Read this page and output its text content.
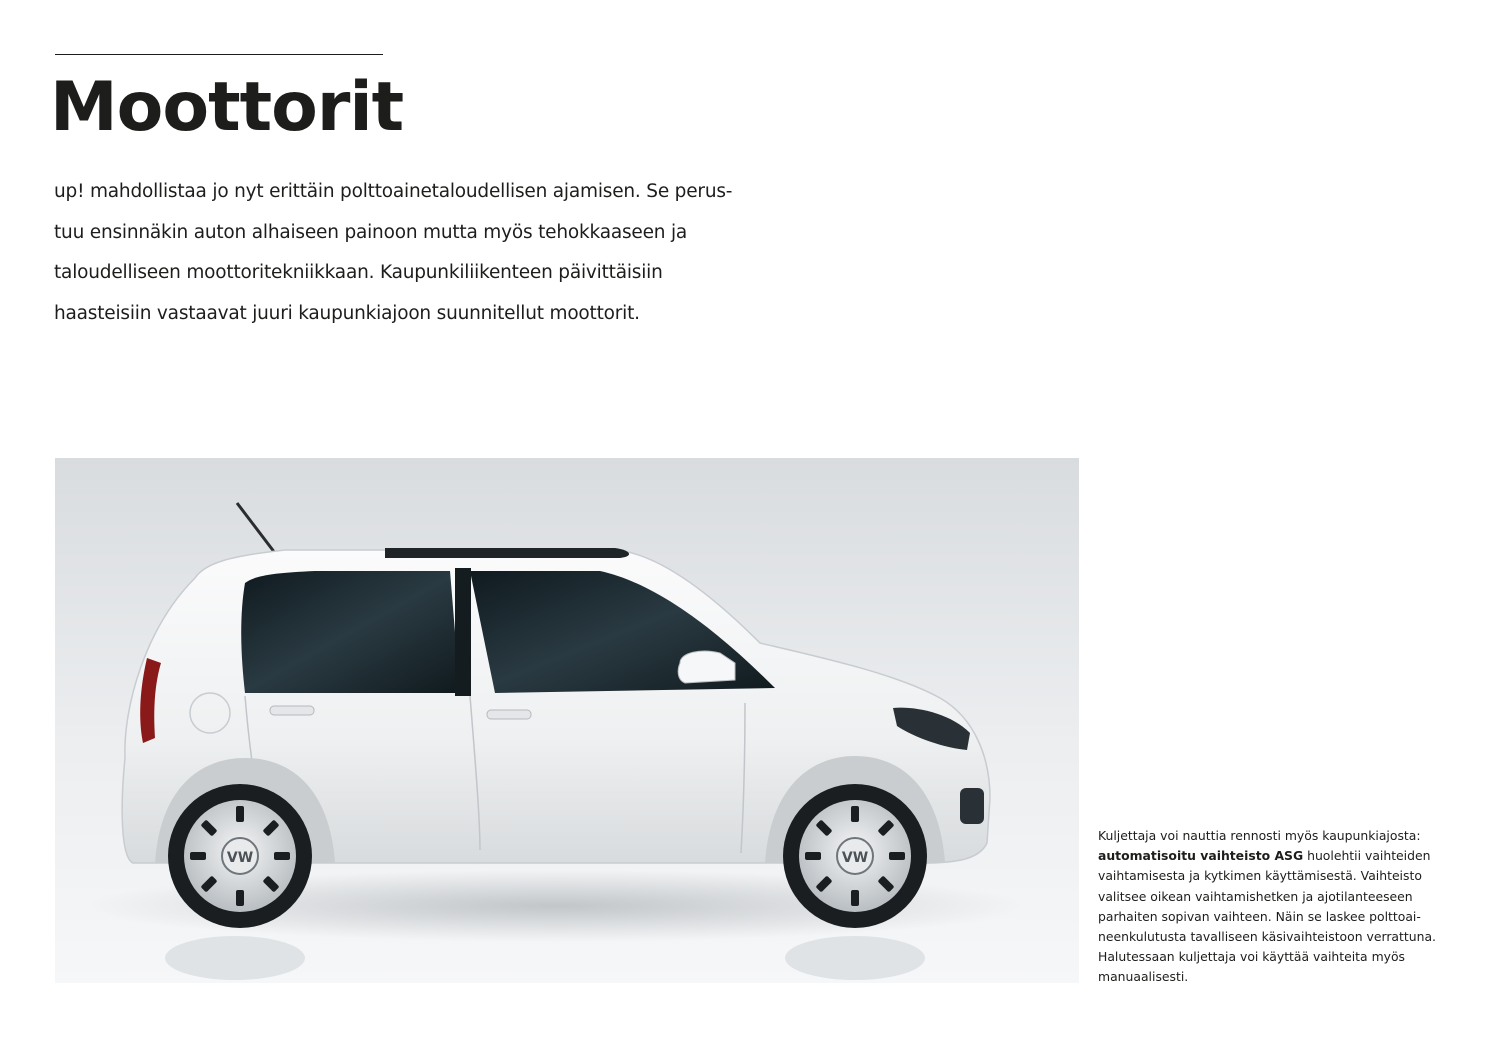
Moottorit

up! mahdollistaa jo nyt erittäin polttoainetaloudellisen ajamisen. Se perus-
tuu ensinnäkin auton alhaiseen painoon mutta myös tehokkaaseen ja
taloudelliseen moottoritekniikkaan. Kaupunkiliikenteen päivittäisiin
haasteisiin vastaavat juuri kaupunkiajoon suunnitellut moottorit.

VW	VW

Kuljettaja voi nauttia rennosti myös kaupunkiajosta:
automatisoitu vaihteisto ASG huolehtii vaihteiden
vaihtamisesta ja kytkimen käyttämisestä. Vaihteisto
valitsee oikean vaihtamishetken ja ajotilanteeseen
parhaiten sopivan vaihteen. Näin se laskee polttoai-
neenkulutusta tavalliseen käsivaihteistoon verrattuna.
Halutessaan kuljettaja voi käyttää vaihteita myös
manuaalisesti.
